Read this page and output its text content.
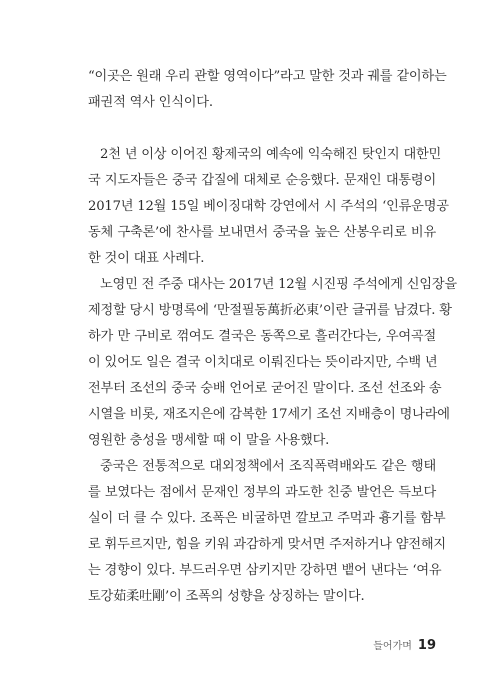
“이곳은 원래 우리 관할 영역이다”라고 말한 것과 궤를 같이하는
패권적 역사 인식이다.
2천 년 이상 이어진 황제국의 예속에 익숙해진 탓인지 대한민
국 지도자들은 중국 갑질에 대체로 순응했다. 문재인 대통령이
2017년 12월 15일 베이징대학 강연에서 시 주석의 ‘인류운명공
동체 구축론’에 찬사를 보내면서 중국을 높은 산봉우리로 비유
한 것이 대표 사례다.
노영민 전 주중 대사는 2017년 12월 시진핑 주석에게 신임장을
제정할 당시 방명록에 ‘만절필동萬折必東’이란 글귀를 남겼다. 황
하가 만 구비로 꺾여도 결국은 동쪽으로 흘러간다는, 우여곡절
이 있어도 일은 결국 이치대로 이뤄진다는 뜻이라지만, 수백 년
전부터 조선의 중국 숭배 언어로 굳어진 말이다. 조선 선조와 송
시열을 비롯, 재조지은에 감복한 17세기 조선 지배층이 명나라에
영원한 충성을 맹세할 때 이 말을 사용했다.
중국은 전통적으로 대외정책에서 조직폭력배와도 같은 행태
를 보였다는 점에서 문재인 정부의 과도한 친중 발언은 득보다
실이 더 클 수 있다. 조폭은 비굴하면 깔보고 주먹과 흉기를 함부
로 휘두르지만, 힘을 키워 과감하게 맞서면 주저하거나 얌전해지
는 경향이 있다. 부드러우면 삼키지만 강하면 뱉어 낸다는 ‘여유
토강茹柔吐剛’이 조폭의 성향을 상징하는 말이다.
들어가며 19
